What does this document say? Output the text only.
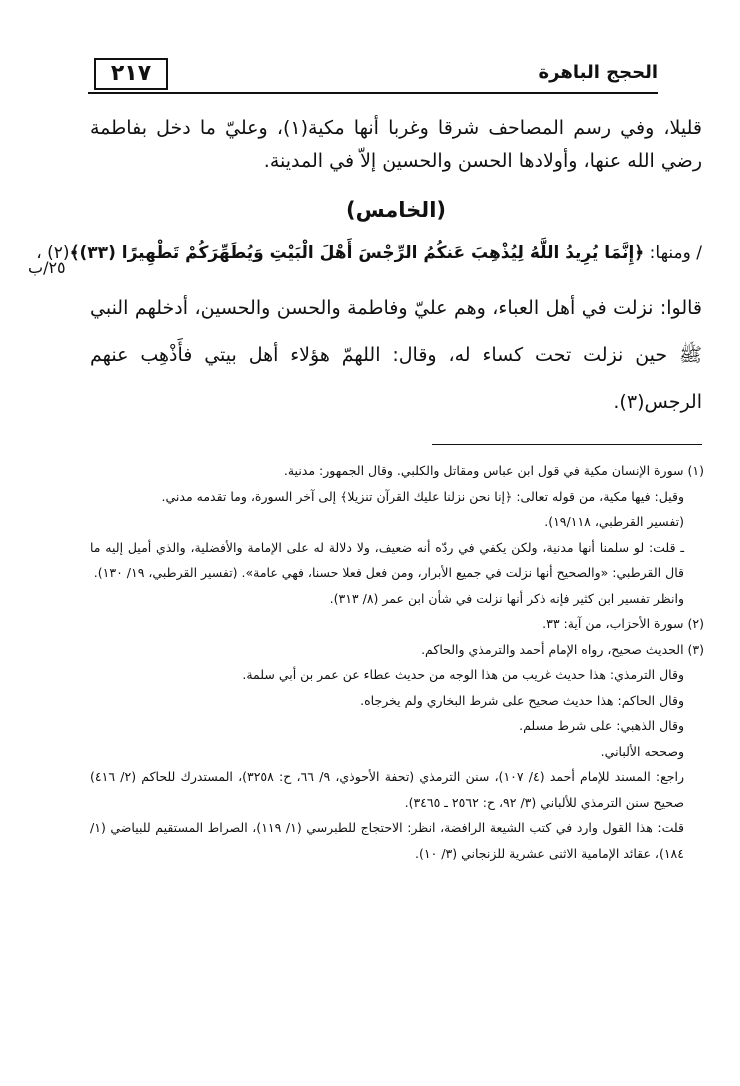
٢١٧	الحجج الباهرة
٢٥/ب

قليلا، وفي رسم المصاحف شرقا وغربا أنها مكية(١)، وعليّ ما دخل بفاطمة رضي الله عنها، وأولادها الحسن والحسين إلاّ في المدينة.

(الخامس)
/ ومنها: ﴿إِنَّمَا يُرِيدُ اللَّهُ لِيُذْهِبَ عَنكُمُ الرِّجْسَ أَهْلَ الْبَيْتِ وَيُطَهِّرَكُمْ تَطْهِيرًا (٣٣)﴾(٢) ،

قالوا: نزلت في أهل العباء، وهم عليّ وفاطمة والحسن والحسين، أدخلهم النبي ﷺ حين نزلت تحت كساء له، وقال: اللهمّ هؤلاء أهل بيتي فأَذْهِب عنهم الرجس(٣).

(١) سورة الإنسان مكية في قول ابن عباس ومقاتل والكلبي. وقال الجمهور: مدنية.

وقيل: فيها مكية، من قوله تعالى: ﴿إنا نحن نزلنا عليك القرآن تنزيلا﴾ إلى آخر السورة، وما تقدمه مدني.

(تفسير القرطبي، ١٩/١١٨).

ـ قلت: لو سلمنا أنها مدنية، ولكن يكفي في ردّه أنه ضعيف، ولا دلالة له على الإمامة والأفضلية، والذي أميل إليه ما قال القرطبي: «والصحيح أنها نزلت في جميع الأبرار، ومن فعل فعلا حسنا، فهي عامة». (تفسير القرطبي، ١٩/ ١٣٠).

وانظر تفسير ابن كثير فإنه ذكر أنها نزلت في شأن ابن عمر (٨/ ٣١٣).

(٢) سورة الأحزاب، من آية: ٣٣.

(٣) الحديث صحيح، رواه الإمام أحمد والترمذي والحاكم.

وقال الترمذي: هذا حديث غريب من هذا الوجه من حديث عطاء عن عمر بن أبي سلمة.

وقال الحاكم: هذا حديث صحيح على شرط البخاري ولم يخرجاه.

وقال الذهبي: على شرط مسلم.

وصححه الألباني.

راجع: المسند للإمام أحمد (٤/ ١٠٧)، سنن الترمذي (تحفة الأحوذي، ٩/ ٦٦، ح: ٣٢٥٨)، المستدرك للحاكم (٢/ ٤١٦) صحيح سنن الترمذي للألباني (٣/ ٩٢، ح: ٢٥٦٢ ـ ٣٤٦٥).

قلت: هذا القول وارد في كتب الشيعة الرافضة، انظر: الاحتجاج للطبرسي (١/ ١١٩)، الصراط المستقيم للبياضي (١/ ١٨٤)، عقائد الإمامية الاثنى عشرية للزنجاني (٣/ ١٠).
